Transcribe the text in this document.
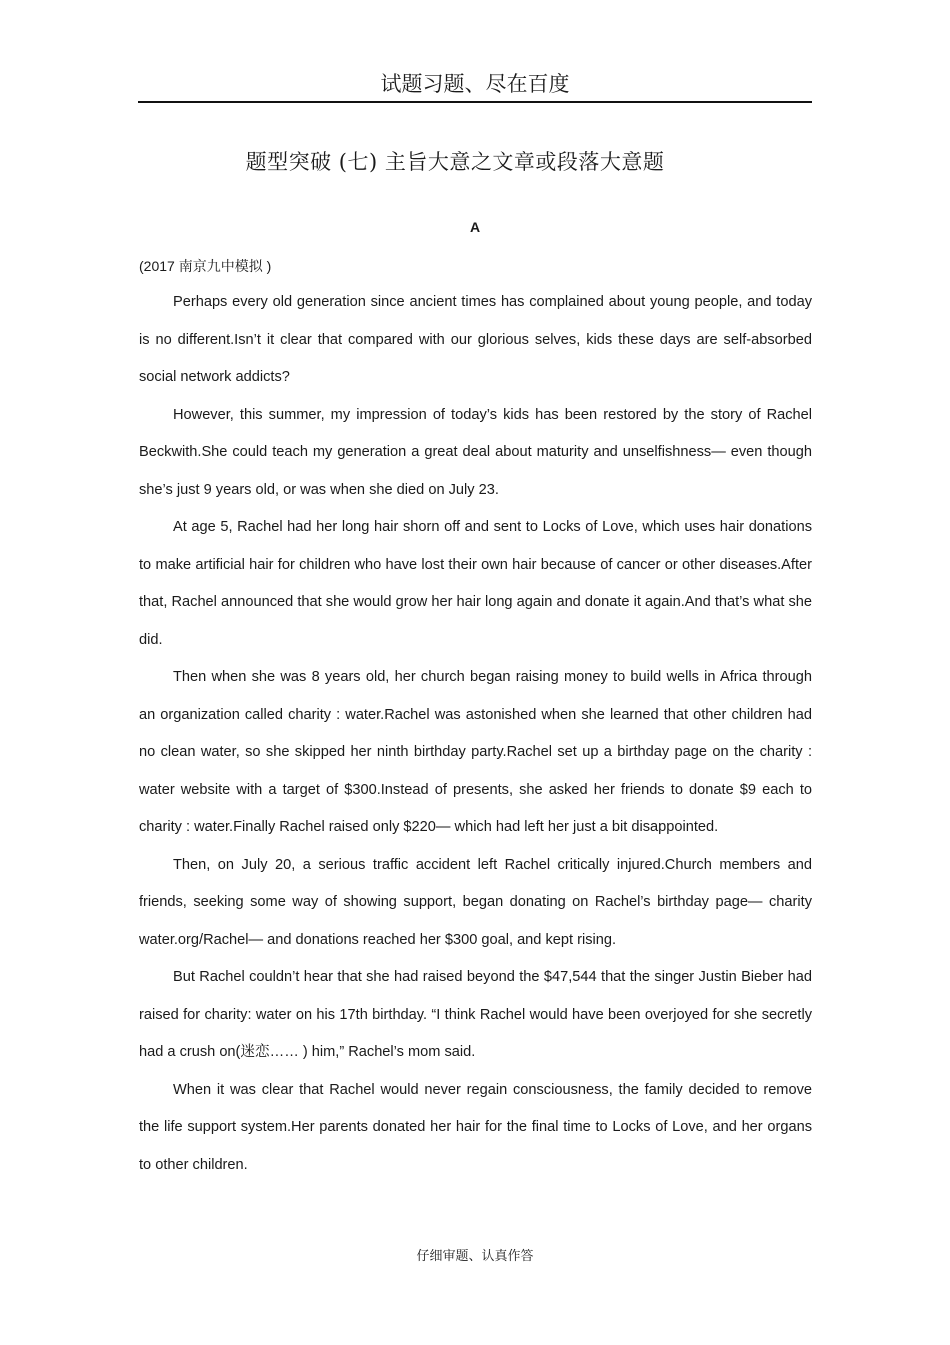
试题习题、尽在百度
题型突破 (七) 主旨大意之文章或段落大意题
A
(2017 南京九中模拟 )

Perhaps every old generation since ancient times has complained about young people, and today is no different.Isn’t it clear that compared with our glorious selves, kids these days are self-absorbed social network addicts?

However, this summer, my impression of today’s kids has been restored by the story of Rachel Beckwith.She could teach my generation a great deal about maturity and unselfishness— even though she’s just 9 years old, or was when she died on July 23.

At age 5, Rachel had her long hair shorn off and sent to Locks of Love, which uses hair donations to make artificial hair for children who have lost their own hair because of cancer or other diseases.After that, Rachel announced that she would grow her hair long again and donate it again.And that’s what she did.

Then when she was 8 years old, her church began raising money to build wells in Africa through an organization called charity : water.Rachel was astonished when she learned that other children had no clean water, so she skipped her ninth birthday party.Rachel set up a birthday page on the charity : water website with a target of $300.Instead of presents, she asked her friends to donate $9 each to charity : water.Finally Rachel raised only $220— which had left her just a bit disappointed.

Then, on July 20, a serious traffic accident left Rachel critically injured.Church members and friends, seeking some way of showing support, began donating on Rachel’s birthday page— charity water.org/Rachel— and donations reached her $300 goal, and kept rising.

But Rachel couldn’t hear that she had raised beyond the $47,544 that the singer Justin Bieber had raised for charity: water on his 17th birthday. “I think Rachel would have been overjoyed for she secretly had a crush on(迷恋…… ) him,” Rachel’s mom said.

When it was clear that Rachel would never regain consciousness, the family decided to remove the life support system.Her parents donated her hair for the final time to Locks of Love, and her organs to other children.

仔细审题、认真作答
